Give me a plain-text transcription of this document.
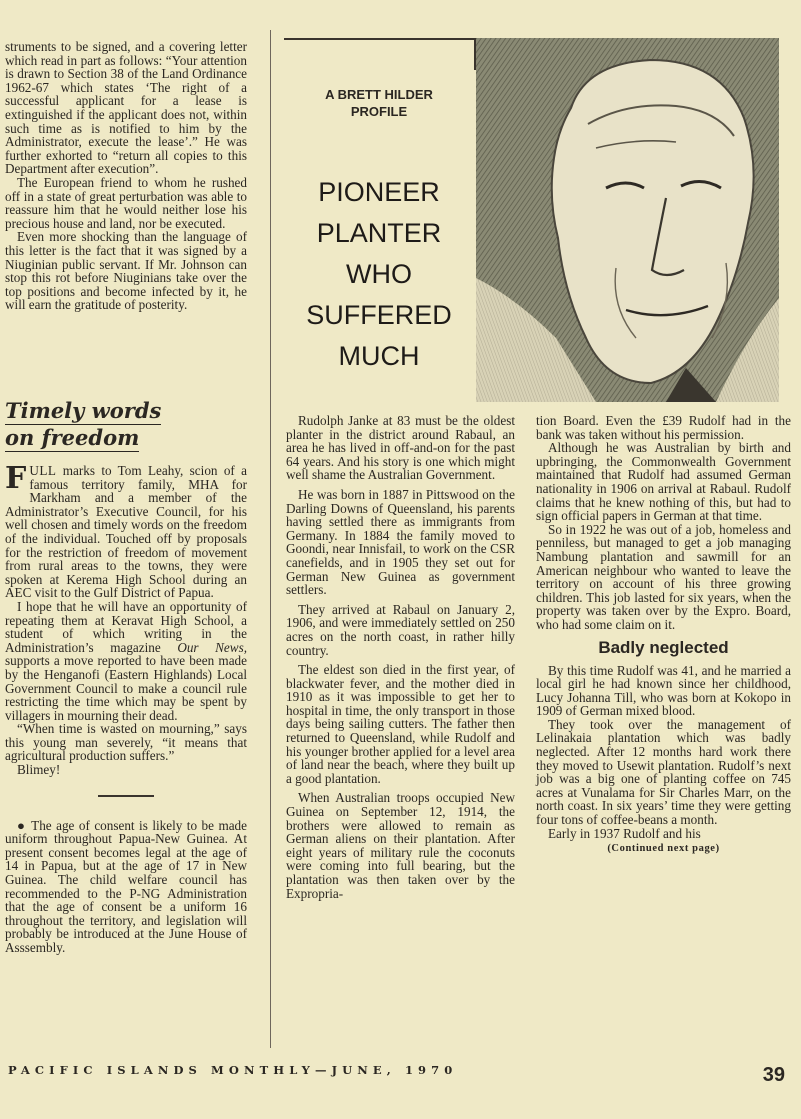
struments to be signed, and a covering letter which read in part as follows: “Your attention is drawn to Section 38 of the Land Ordinance 1962-67 which states ‘The right of a successful applicant for a lease is extinguished if the applicant does not, within such time as is notified to him by the Administrator, execute the lease’.” He was further exhorted to “return all copies to this Department after execution”.

The European friend to whom he rushed off in a state of great perturbation was able to reassure him that he would neither lose his precious house and land, nor be executed.

Even more shocking than the language of this letter is the fact that it was signed by a Niuginian public servant. If Mr. Johnson can stop this rot before Niuginians take over the top positions and become infected by it, he will earn the gratitude of posterity.

Timely words
on freedom

FULL marks to Tom Leahy, scion of a famous territory family, MHA for Markham and a member of the Administrator’s Executive Council, for his well chosen and timely words on the freedom of the individual. Touched off by proposals for the restriction of freedom of movement from rural areas to the towns, they were spoken at Kerema High School during an AEC visit to the Gulf District of Papua.

I hope that he will have an opportunity of repeating them at Keravat High School, a student of which writing in the Administration’s magazine Our News, supports a move reported to have been made by the Henganofi (Eastern Highlands) Local Government Council to make a council rule restricting the time which may be spent by villagers in mourning their dead.

“When time is wasted on mourning,” says this young man severely, “it means that agricultural production suffers.”

Blimey!

● The age of consent is likely to be made uniform throughout Papua-New Guinea. At present consent becomes legal at the age of 14 in Papua, but at the age of 17 in New Guinea. The child welfare council has recommended to the P-NG Administration that the age of consent be a uniform 16 throughout the territory, and legislation will probably be introduced at the June House of Asssembly.

A BRETT HILDER
PROFILE
PIONEER
PLANTER
WHO
SUFFERED
MUCH

Rudolph Janke at 83 must be the oldest planter in the district around Rabaul, an area he has lived in off-and-on for the past 64 years. And his story is one which might well shame the Australian Government.

He was born in 1887 in Pittswood on the Darling Downs of Queensland, his parents having settled there as immigrants from Germany. In 1884 the family moved to Goondi, near Innisfail, to work on the CSR canefields, and in 1905 they set out for German New Guinea as government settlers.

They arrived at Rabaul on January 2, 1906, and were immediately settled on 250 acres on the north coast, in rather hilly country.

The eldest son died in the first year, of blackwater fever, and the mother died in 1910 as it was impossible to get her to hospital in time, the only transport in those days being sailing cutters. The father then returned to Queensland, while Rudolf and his younger brother applied for a level area of land near the beach, where they built up a good plantation.

When Australian troops occupied New Guinea on September 12, 1914, the brothers were allowed to remain as German aliens on their plantation. After eight years of military rule the coconuts were coming into full bearing, but the plantation was then taken over by the Expropria-

tion Board. Even the £39 Rudolf had in the bank was taken without his permission.

Although he was Australian by birth and upbringing, the Commonwealth Government maintained that Rudolf had assumed German nationality in 1906 on arrival at Rabaul. Rudolf claims that he knew nothing of this, but had to sign official papers in German at that time.

So in 1922 he was out of a job, homeless and penniless, but managed to get a job managing Nambung plantation and sawmill for an American neighbour who wanted to leave the territory on account of his three growing children. This job lasted for six years, when the property was taken over by the Expro. Board, who had some claim on it.

Badly neglected

By this time Rudolf was 41, and he married a local girl he had known since her childhood, Lucy Johanna Till, who was born at Kokopo in 1909 of German mixed blood.

They took over the management of Lelinakaia plantation which was badly neglected. After 12 months hard work there they moved to Usewit plantation. Rudolf’s next job was a big one of planting coffee on 745 acres at Vunalama for Sir Charles Marr, on the north coast. In six years’ time they were getting four tons of coffee-beans a month.

Early in 1937 Rudolf and his

(Continued next page)
PACIFIC ISLANDS MONTHLY—JUNE, 1970	39
